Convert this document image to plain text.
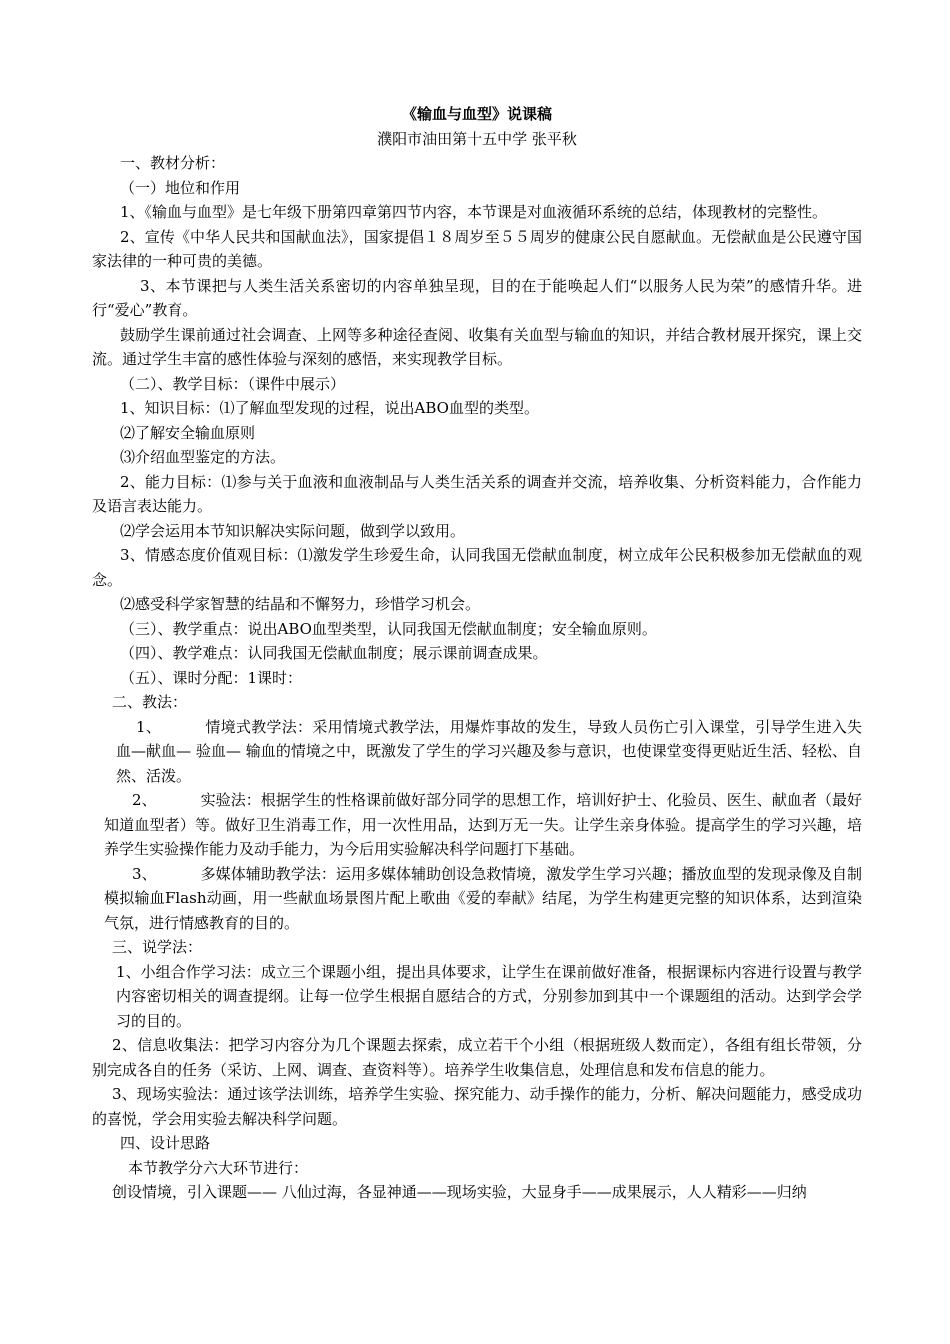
《输血与血型》说课稿

濮阳市油田第十五中学 张平秋

一、教材分析：

（一）地位和作用

1、《输血与血型》是七年级下册第四章第四节内容，本节课是对血液循环系统的总结，体现教材的完整性。

2、宣传《中华人民共和国献血法》，国家提倡１８周岁至５５周岁的健康公民自愿献血。无偿献血是公民遵守国家法律的一种可贵的美德。

3、本节课把与人类生活关系密切的内容单独呈现，目的在于能唤起人们“以服务人民为荣”的感情升华。进行“爱心”教育。

鼓励学生课前通过社会调查、上网等多种途径查阅、收集有关血型与输血的知识，并结合教材展开探究，课上交流。通过学生丰富的感性体验与深刻的感悟，来实现教学目标。

（二）、教学目标：（课件中展示）

1、知识目标：⑴了解血型发现的过程，说出ABO血型的类型。

⑵了解安全输血原则

⑶介绍血型鉴定的方法。

2、能力目标：⑴参与关于血液和血液制品与人类生活关系的调查并交流，培养收集、分析资料能力，合作能力及语言表达能力。

⑵学会运用本节知识解决实际问题，做到学以致用。

3、情感态度价值观目标：⑴激发学生珍爱生命，认同我国无偿献血制度，树立成年公民积极参加无偿献血的观念。

⑵感受科学家智慧的结晶和不懈努力，珍惜学习机会。

（三）、教学重点：说出ABO血型类型，认同我国无偿献血制度；安全输血原则。

（四）、教学难点：认同我国无偿献血制度；展示课前调查成果。

（五）、课时分配：1课时：

二、教法：

1、	情境式教学法：采用情境式教学法，用爆炸事故的发生，导致人员伤亡引入课堂，引导学生进入失血—献血— 验血— 输血的情境之中，既激发了学生的学习兴趣及参与意识，也使课堂变得更贴近生活、轻松、自然、活泼。

2、	实验法：根据学生的性格课前做好部分同学的思想工作，培训好护士、化验员、医生、献血者（最好知道血型者）等。做好卫生消毒工作，用一次性用品，达到万无一失。让学生亲身体验。提高学生的学习兴趣，培养学生实验操作能力及动手能力，为今后用实验解决科学问题打下基础。

3、	多媒体辅助教学法：运用多媒体辅助创设急救情境，激发学生学习兴趣；播放血型的发现录像及自制模拟输血Flash动画，用一些献血场景图片配上歌曲《爱的奉献》结尾，为学生构建更完整的知识体系，达到渲染气氛，进行情感教育的目的。

三、说学法：

1、小组合作学习法：成立三个课题小组，提出具体要求，让学生在课前做好准备，根据课标内容进行设置与教学内容密切相关的调查提纲。让每一位学生根据自愿结合的方式，分别参加到其中一个课题组的活动。达到学会学习的目的。

2、信息收集法：把学习内容分为几个课题去探索，成立若干个小组（根据班级人数而定），各组有组长带领，分别完成各自的任务（采访、上网、调查、查资料等）。培养学生收集信息，处理信息和发布信息的能力。

3、现场实验法：通过该学法训练，培养学生实验、探究能力、动手操作的能力，分析、解决问题能力，感受成功的喜悦，学会用实验去解决科学问题。

四、设计思路

本节教学分六大环节进行：

创设情境，引入课题—— 八仙过海，各显神通——现场实验，大显身手——成果展示，人人精彩——归纳
